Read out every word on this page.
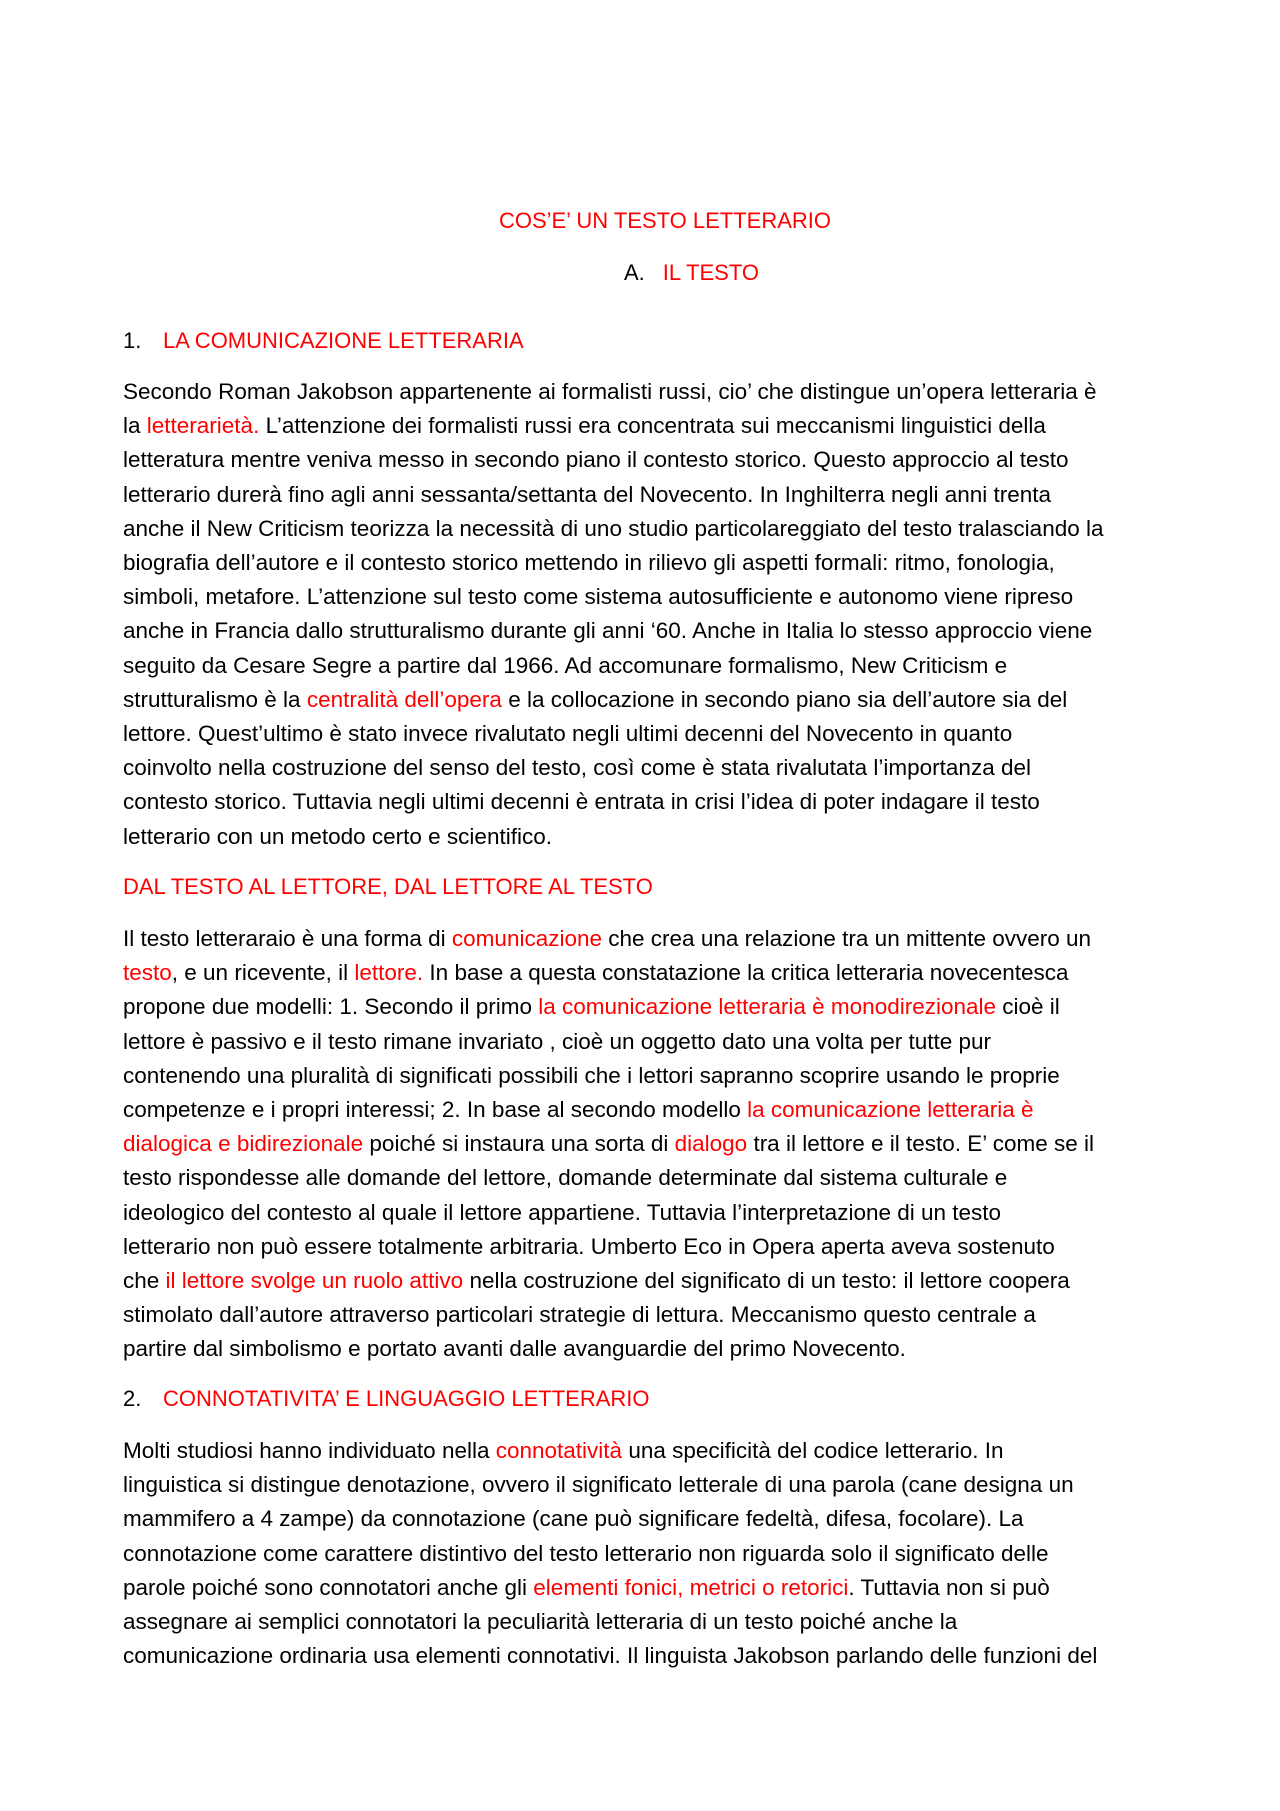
COS’E’ UN TESTO LETTERARIO
A. IL TESTO
1. LA COMUNICAZIONE LETTERARIA

Secondo Roman Jakobson appartenente ai formalisti russi, cio’ che distingue un’opera letteraria è
la letterarietà. L’attenzione dei formalisti russi era concentrata sui meccanismi linguistici della
letteratura mentre veniva messo in secondo piano il contesto storico. Questo approccio al testo
letterario durerà fino agli anni sessanta/settanta del Novecento. In Inghilterra negli anni trenta
anche il New Criticism teorizza la necessità di uno studio particolareggiato del testo tralasciando la
biografia dell’autore e il contesto storico mettendo in rilievo gli aspetti formali: ritmo, fonologia,
simboli, metafore. L’attenzione sul testo come sistema autosufficiente e autonomo viene ripreso
anche in Francia dallo strutturalismo durante gli anni ‘60. Anche in Italia lo stesso approccio viene
seguito da Cesare Segre a partire dal 1966. Ad accomunare formalismo, New Criticism e
strutturalismo è la centralità dell’opera e la collocazione in secondo piano sia dell’autore sia del
lettore. Quest’ultimo è stato invece rivalutato negli ultimi decenni del Novecento in quanto
coinvolto nella costruzione del senso del testo, così come è stata rivalutata l’importanza del
contesto storico. Tuttavia negli ultimi decenni è entrata in crisi l’idea di poter indagare il testo
letterario con un metodo certo e scientifico.

DAL TESTO AL LETTORE, DAL LETTORE AL TESTO

Il testo letteraraio è una forma di comunicazione che crea una relazione tra un mittente ovvero un
testo, e un ricevente, il lettore. In base a questa constatazione la critica letteraria novecentesca
propone due modelli: 1. Secondo il primo la comunicazione letteraria è monodirezionale cioè il
lettore è passivo e il testo rimane invariato , cioè un oggetto dato una volta per tutte pur
contenendo una pluralità di significati possibili che i lettori sapranno scoprire usando le proprie
competenze e i propri interessi; 2. In base al secondo modello la comunicazione letteraria è
dialogica e bidirezionale poiché si instaura una sorta di dialogo tra il lettore e il testo. E’ come se il
testo rispondesse alle domande del lettore, domande determinate dal sistema culturale e
ideologico del contesto al quale il lettore appartiene. Tuttavia l’interpretazione di un testo
letterario non può essere totalmente arbitraria. Umberto Eco in Opera aperta aveva sostenuto
che il lettore svolge un ruolo attivo nella costruzione del significato di un testo: il lettore coopera
stimolato dall’autore attraverso particolari strategie di lettura. Meccanismo questo centrale a
partire dal simbolismo e portato avanti dalle avanguardie del primo Novecento.

2. CONNOTATIVITA’ E LINGUAGGIO LETTERARIO

Molti studiosi hanno individuato nella connotatività una specificità del codice letterario. In
linguistica si distingue denotazione, ovvero il significato letterale di una parola (cane designa un
mammifero a 4 zampe) da connotazione (cane può significare fedeltà, difesa, focolare). La
connotazione come carattere distintivo del testo letterario non riguarda solo il significato delle
parole poiché sono connotatori anche gli elementi fonici, metrici o retorici. Tuttavia non si può
assegnare ai semplici connotatori la peculiarità letteraria di un testo poiché anche la
comunicazione ordinaria usa elementi connotativi. Il linguista Jakobson parlando delle funzioni del
